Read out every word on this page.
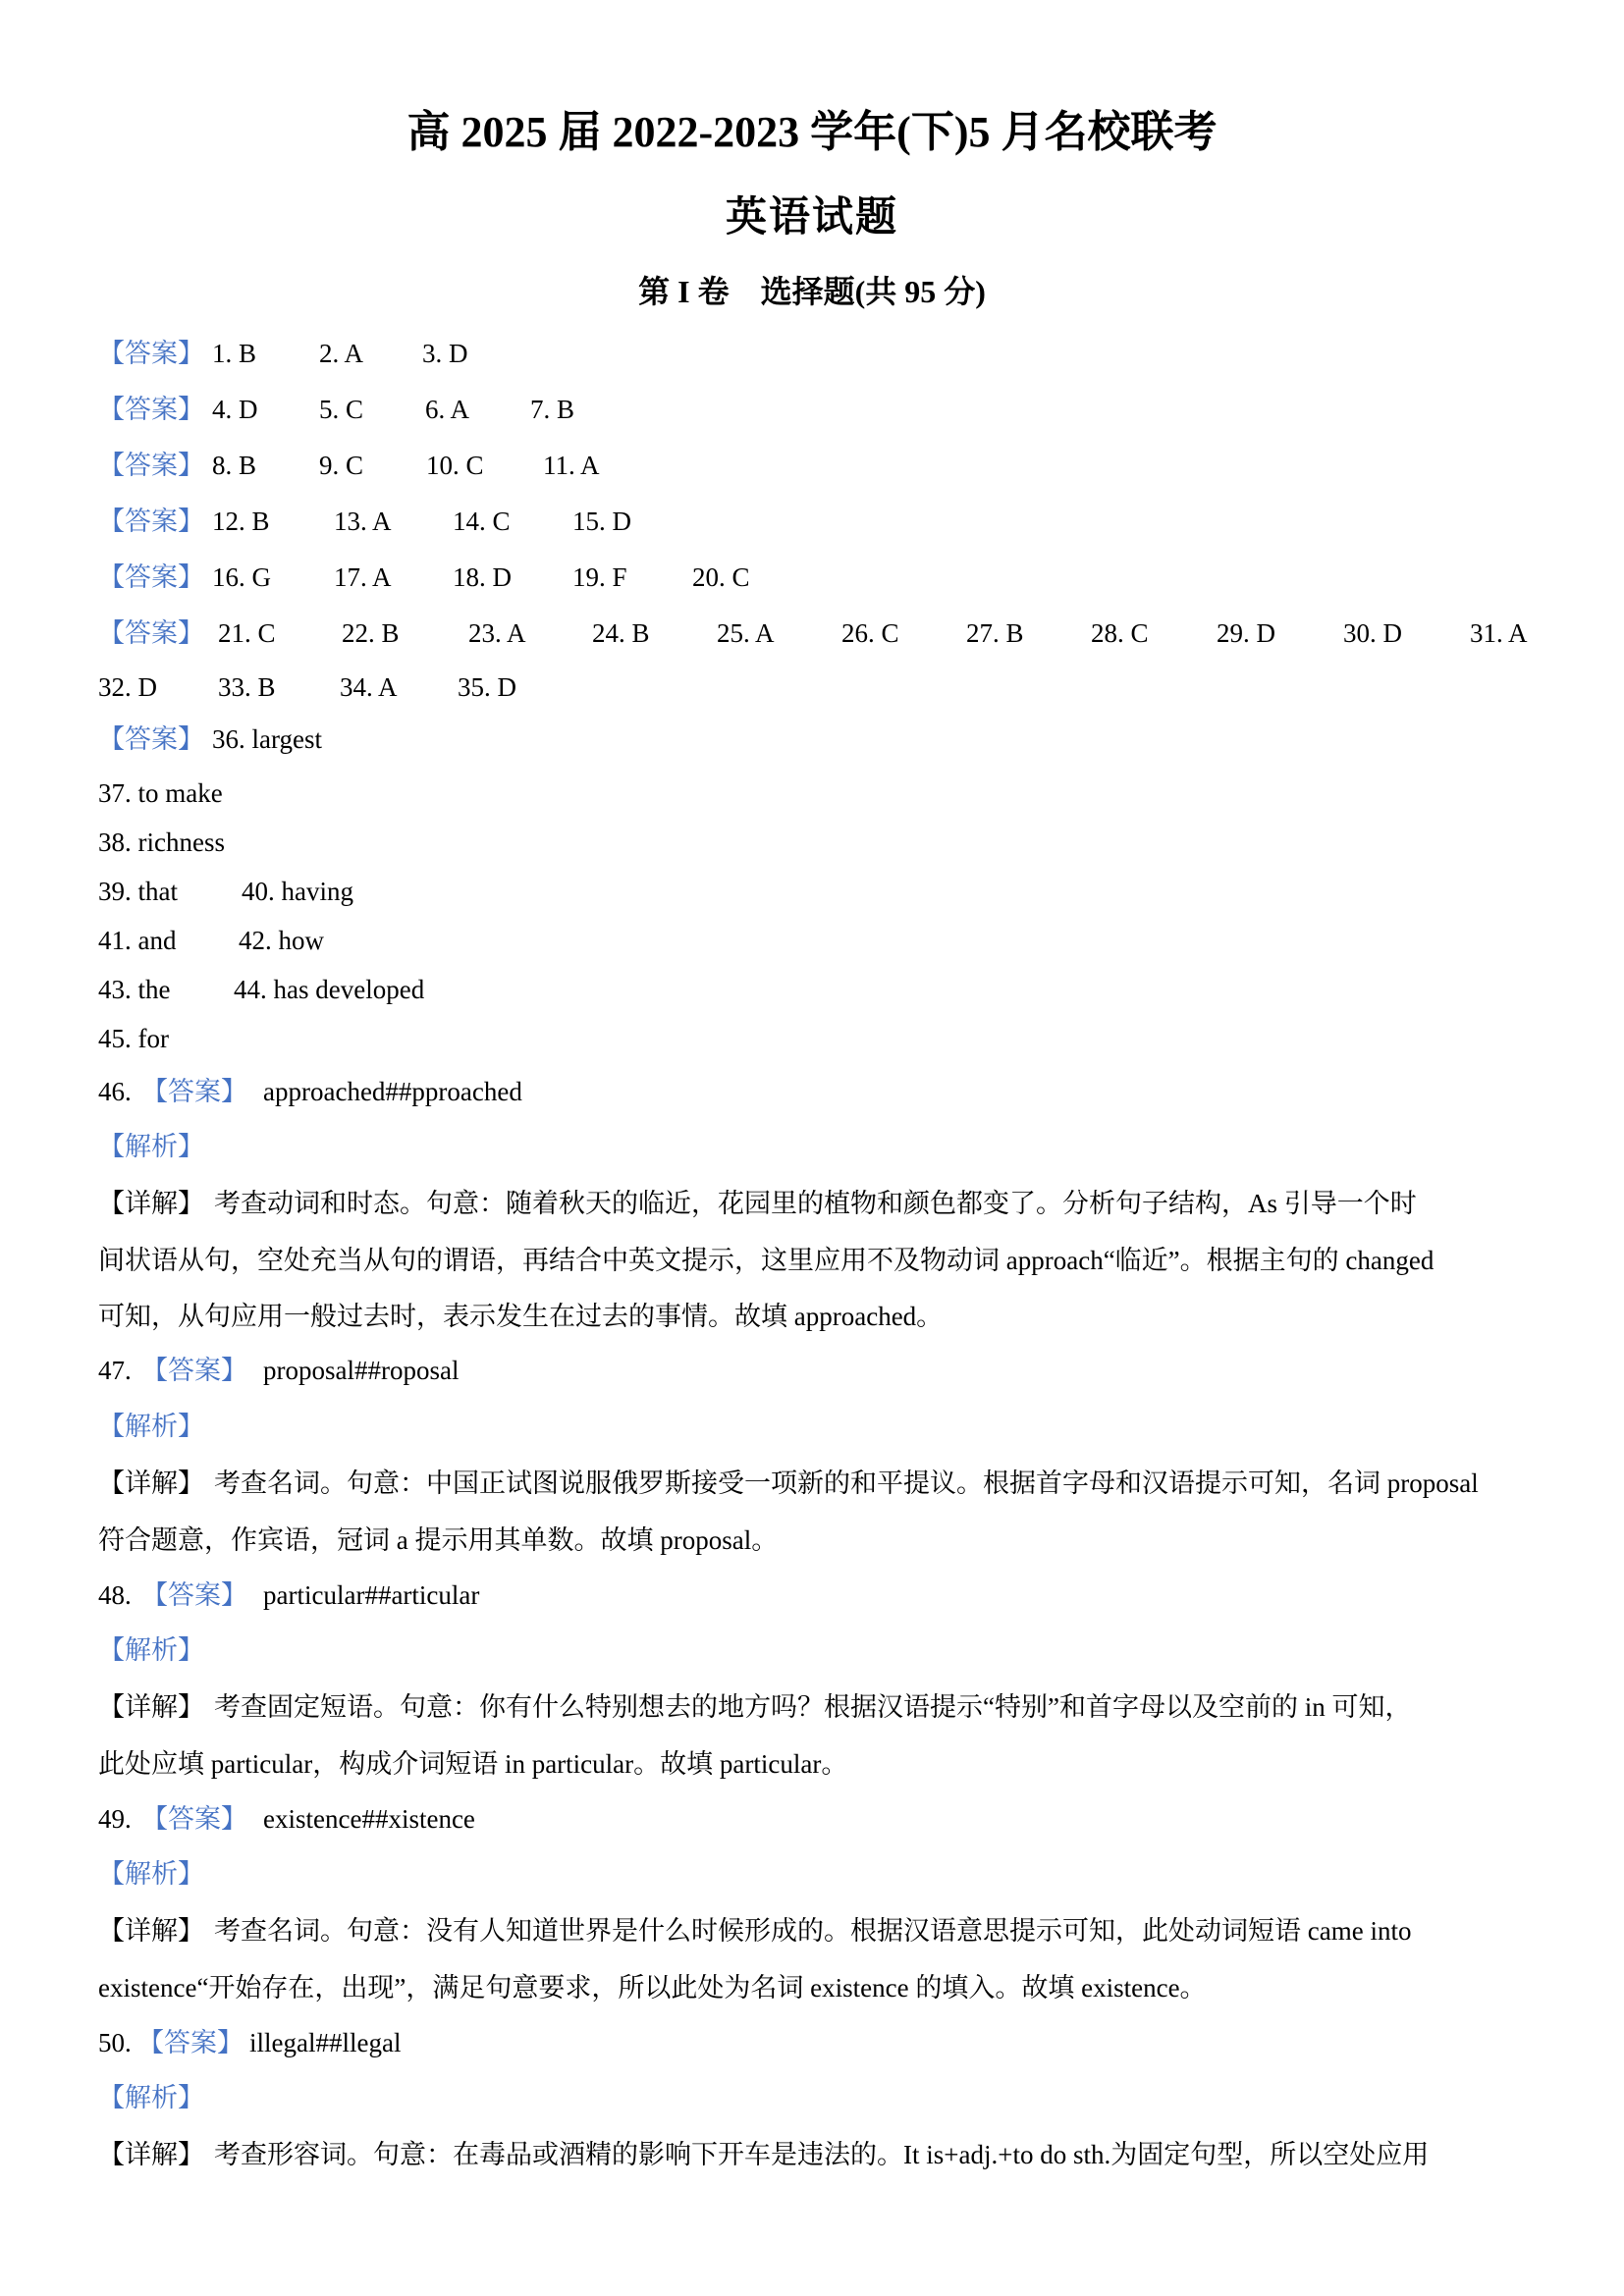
高 2025 届 2022-2023 学年(下)5 月名校联考
英语试题
第 I 卷　选择题(共 95 分)
【答案】 1. B 2. A 3. D
【答案】 4. D 5. C 6. A 7. B
【答案】 8. B 9. C 10. C 11. A
【答案】 12. B 13. A 14. C 15. D
【答案】 16. G 17. A 18. D 19. F 20. C
【答案】 21. C 22. B	23. A 24. B	25. A	26. C	27. B	28. C	29. D	30. D	31. A
32. D 33. B 34. A 35. D
【答案】 36. largest
37. to make
38. richness
39. that 40. having
41. and 42. how
43. the 44. has developed
45. for
46. 【答案】 approached##pproached
【解析】
【详解】 考查动词和时态。句意：随着秋天的临近，花园里的植物和颜色都变了。分析句子结构，As 引导一个时
间状语从句，空处充当从句的谓语，再结合中英文提示，这里应用不及物动词 approach“临近”。根据主句的 changed
可知，从句应用一般过去时，表示发生在过去的事情。故填 approached。
47. 【答案】 proposal##roposal
【解析】
【详解】 考查名词。句意：中国正试图说服俄罗斯接受一项新的和平提议。根据首字母和汉语提示可知，名词 proposal
符合题意，作宾语，冠词 a 提示用其单数。故填 proposal。
48. 【答案】 particular##articular
【解析】
【详解】 考查固定短语。句意：你有什么特别想去的地方吗？根据汉语提示“特别”和首字母以及空前的 in 可知，
此处应填 particular，构成介词短语 in particular。故填 particular。
49. 【答案】 existence##xistence
【解析】
【详解】 考查名词。句意：没有人知道世界是什么时候形成的。根据汉语意思提示可知，此处动词短语 came into
existence“开始存在，出现”，满足句意要求，所以此处为名词 existence 的填入。故填 existence。
50. 【答案】 illegal##llegal
【解析】
【详解】 考查形容词。句意：在毒品或酒精的影响下开车是违法的。It is+adj.+to do sth.为固定句型，所以空处应用
